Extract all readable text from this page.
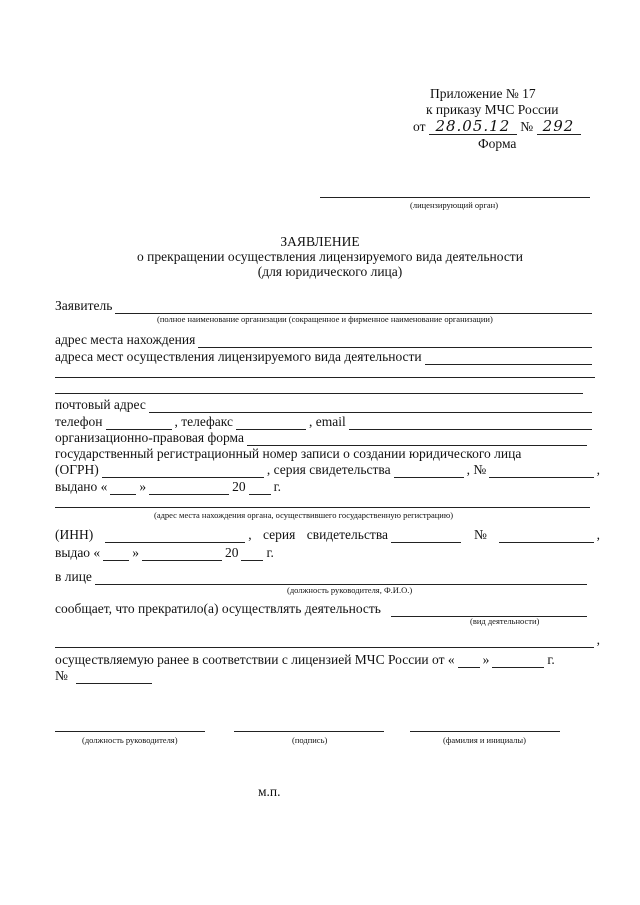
Приложение № 17
к приказу МЧС России
от 28.05.12 № 292
Форма
(лицензирующий орган)
ЗАЯВЛЕНИЕ
о прекращении осуществления лицензируемого вида деятельности
(для юридического лица)
Заявитель
(полное наименование организации (сокращенное и фирменное наименование организации)
адрес места нахождения
адреса мест осуществления лицензируемого вида деятельности
почтовый адрес
телефон	, телефакс	, email
организационно-правовая форма
государственный регистрационный номер записи о создании юридического лица
(ОГРН)	, серия свидетельства	, №	,
выдано « »	20 г.
(адрес места нахождения органа, осуществившего государственную регистрацию)
(ИНН)	, серия свидетельства	№	,
выдао « »	20 г.
в лице
(должность руководителя, Ф.И.О.)
сообщает, что прекратило(а) осуществлять деятельность
(вид деятельности)
,
осуществляемую ранее в соответствии с лицензией МЧС России от « »	г.
№
(должность руководителя)	(подпись)	(фамилия и инициалы)
м.п.
